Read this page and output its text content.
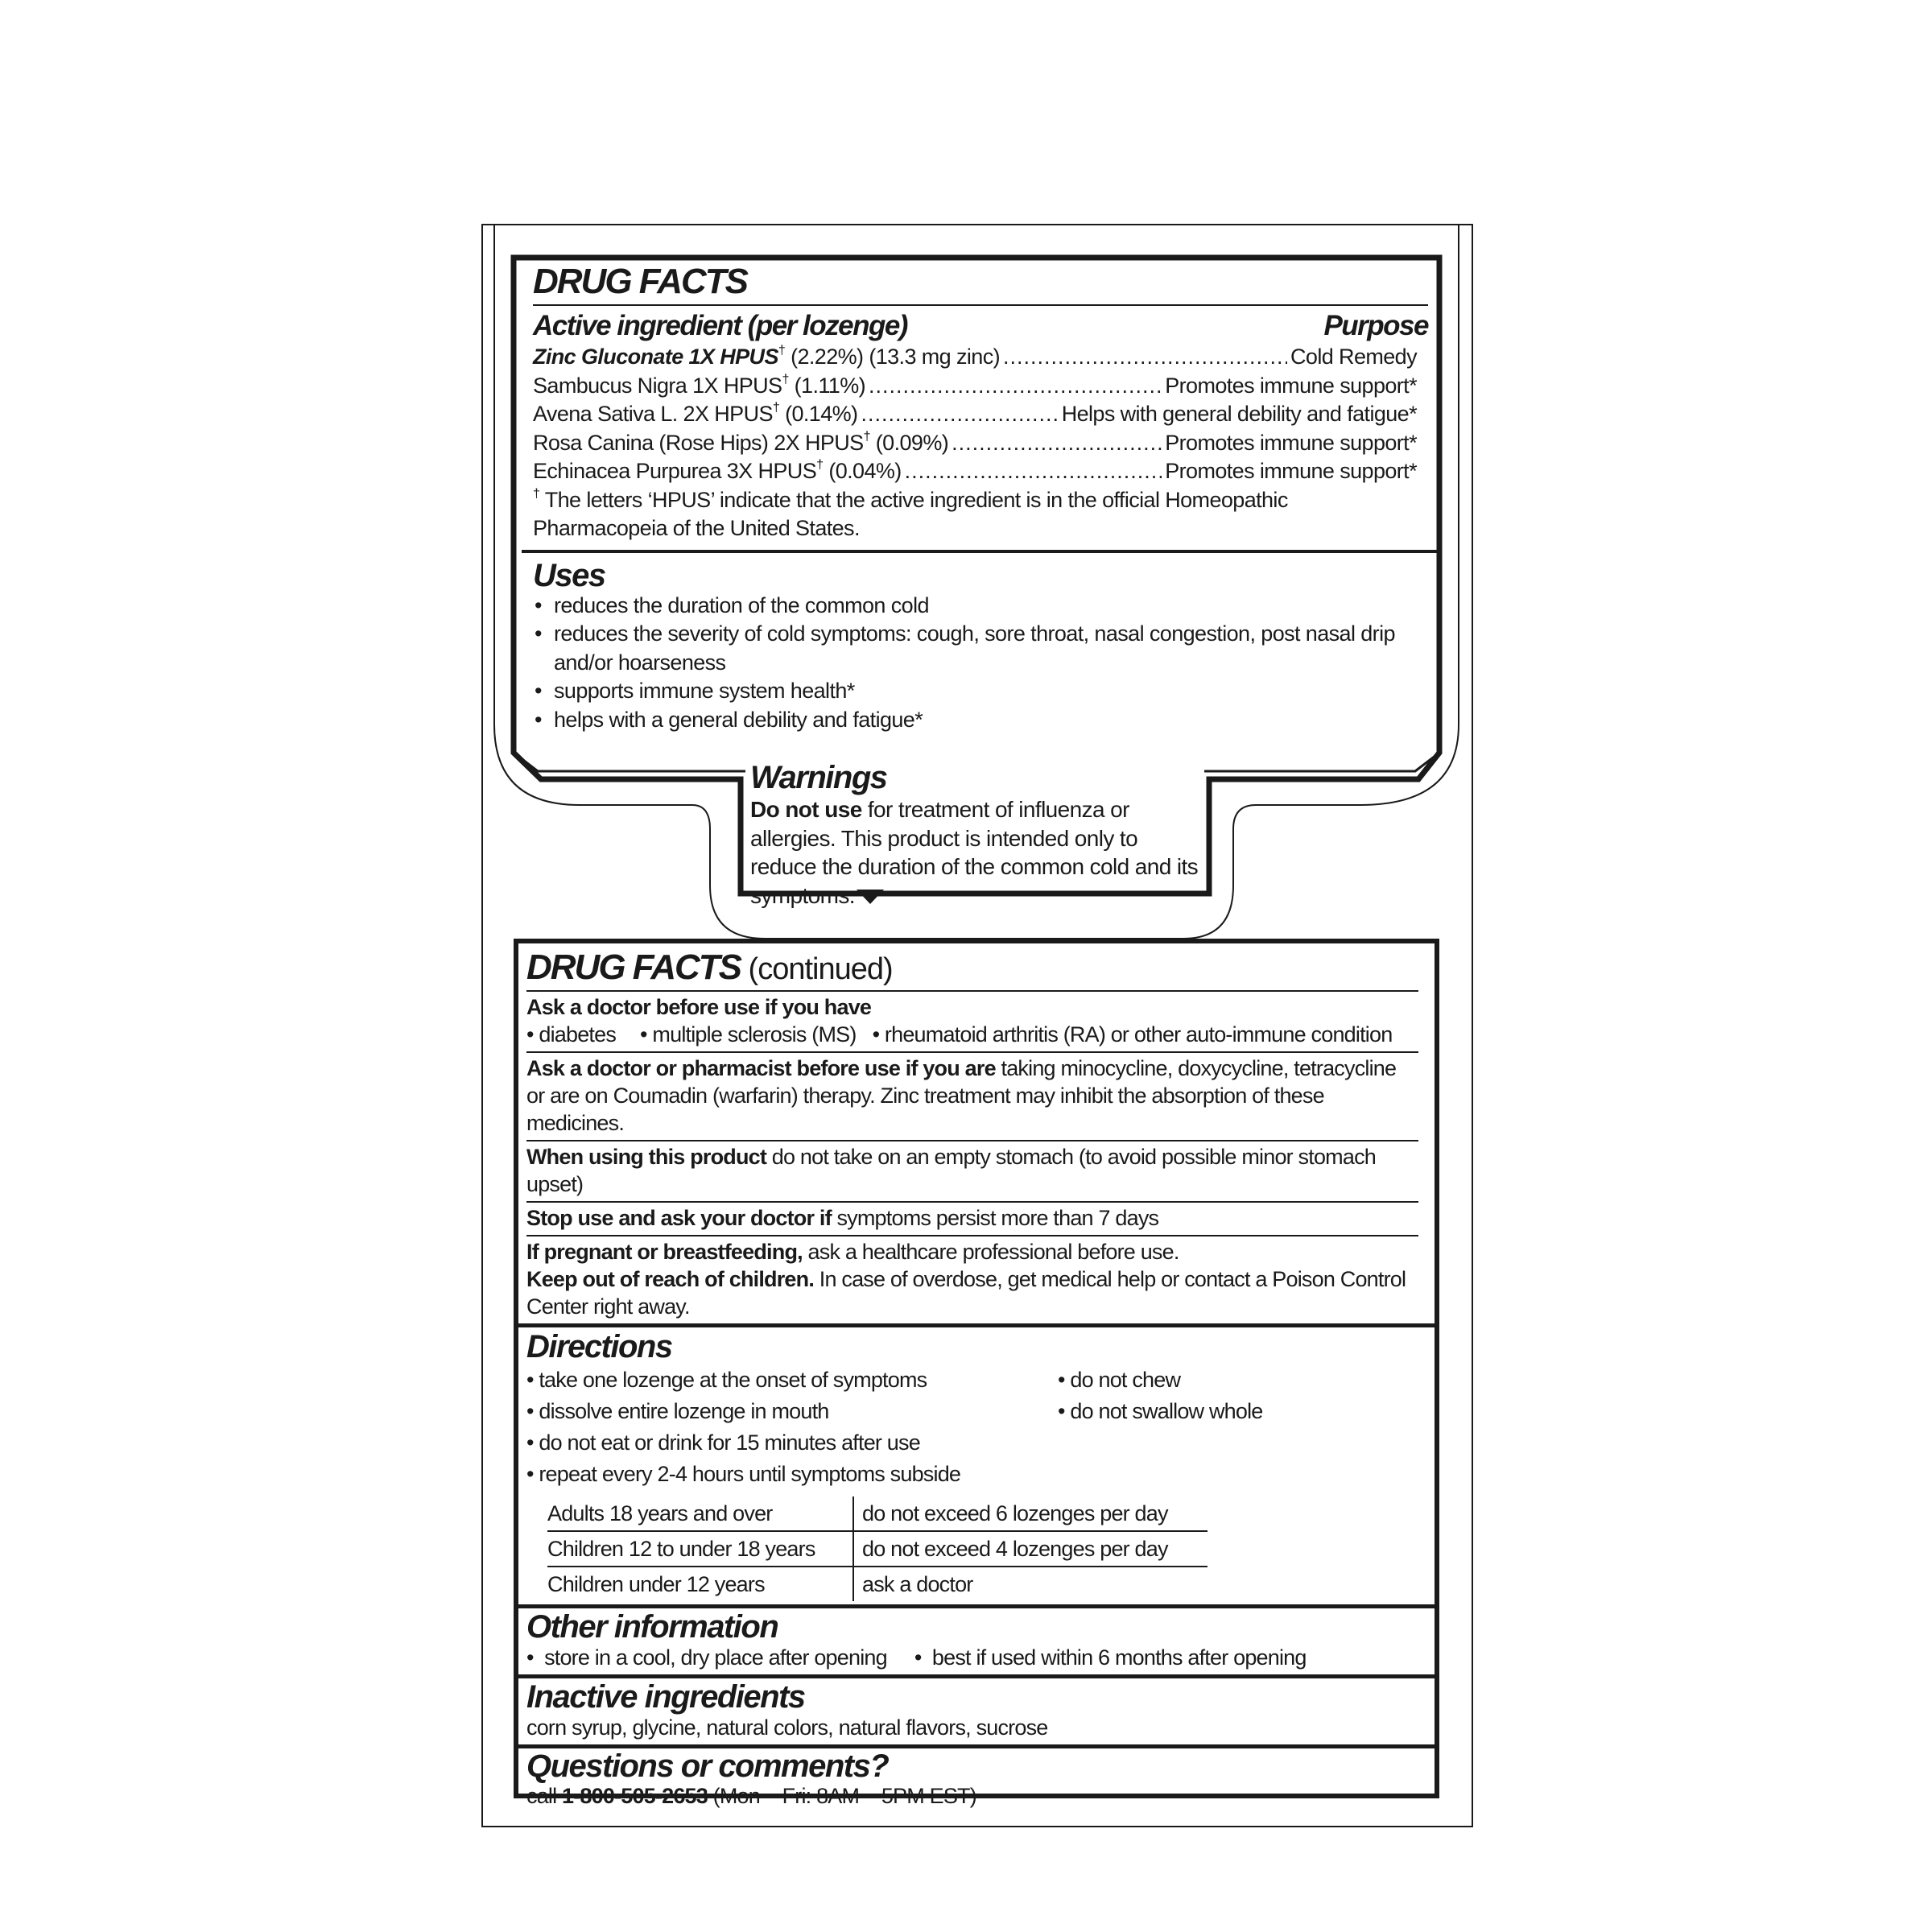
DRUG FACTS
Active ingredient (per lozenge)	Purpose
Zinc Gluconate 1X HPUS† (2.22%) (13.3 mg zinc) .....	Cold Remedy
Sambucus Nigra 1X HPUS† (1.11%) .....	Promotes immune support*
Avena Sativa L. 2X HPUS† (0.14%) .....	Helps with general debility and fatigue*
Rosa Canina (Rose Hips) 2X HPUS† (0.09%) .....	Promotes immune support*
Echinacea Purpurea 3X HPUS† (0.04%) .....	Promotes immune support*
† The letters ‘HPUS’ indicate that the active ingredient is in the official Homeopathic Pharmacopeia of the United States.
Uses
• reduces the duration of the common cold
• reduces the severity of cold symptoms: cough, sore throat, nasal congestion, post nasal drip and/or hoarseness
• supports immune system health*
• helps with a general debility and fatigue*
Warnings
Do not use for treatment of influenza or allergies. This product is intended only to reduce the duration of the common cold and its symptoms.
DRUG FACTS (continued)
Ask a doctor before use if you have
• diabetes • multiple sclerosis (MS) • rheumatoid arthritis (RA) or other auto-immune condition
Ask a doctor or pharmacist before use if you are taking minocycline, doxycycline, tetracycline or are on Coumadin (warfarin) therapy. Zinc treatment may inhibit the absorption of these medicines.
When using this product do not take on an empty stomach (to avoid possible minor stomach upset)
Stop use and ask your doctor if symptoms persist more than 7 days
If pregnant or breastfeeding, ask a healthcare professional before use.
Keep out of reach of children. In case of overdose, get medical help or contact a Poison Control Center right away.
Directions
• take one lozenge at the onset of symptoms
• dissolve entire lozenge in mouth
• do not eat or drink for 15 minutes after use
• repeat every 2-4 hours until symptoms subside
• do not chew
• do not swallow whole
Adults 18 years and over	do not exceed 6 lozenges per day
Children 12 to under 18 years	do not exceed 4 lozenges per day
Children under 12 years	ask a doctor
Other information
•  store in a cool, dry place after opening •  best if used within 6 months after opening
Inactive ingredients
corn syrup, glycine, natural colors, natural flavors, sucrose
Questions or comments?
call 1-800-505-2653 (Mon – Fri: 8AM – 5PM EST)
